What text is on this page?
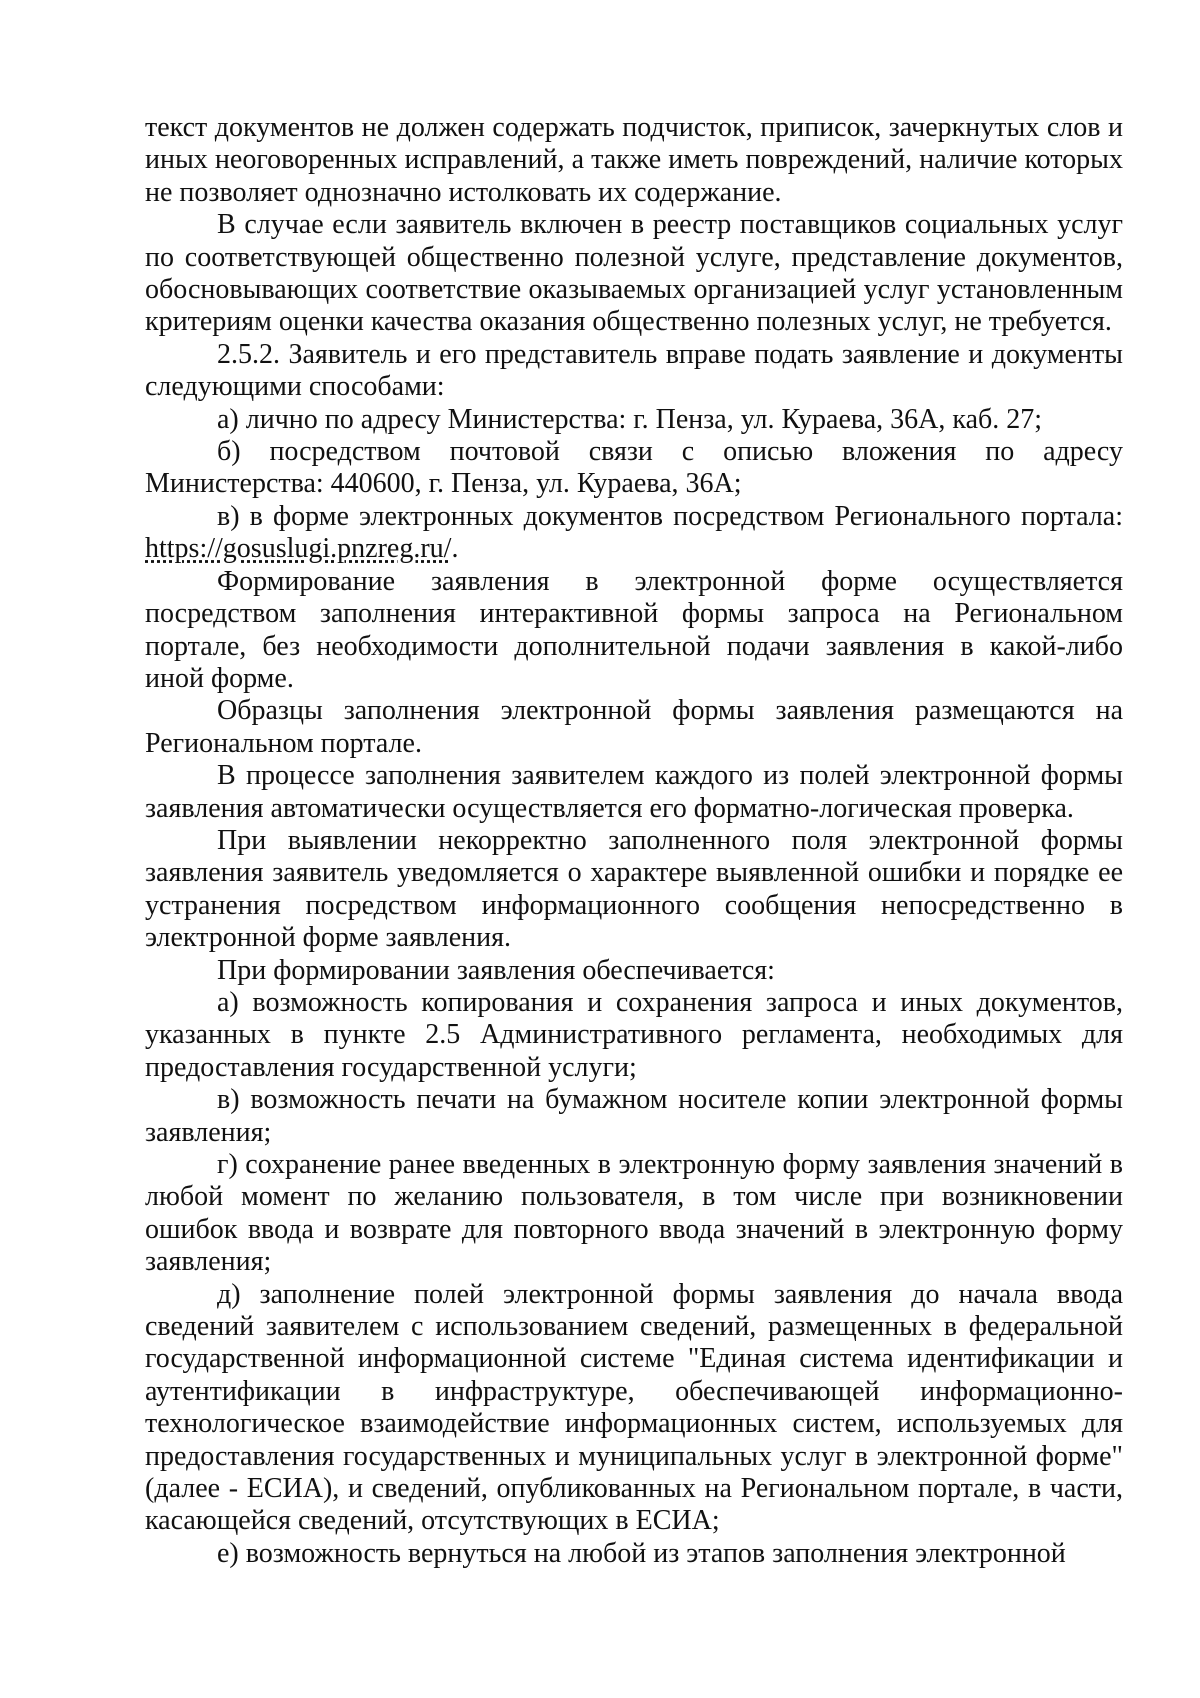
текст документов не должен содержать подчисток, приписок, зачеркнутых слов и иных неоговоренных исправлений, а также иметь повреждений, наличие которых не позволяет однозначно истолковать их содержание.

В случае если заявитель включен в реестр поставщиков социальных услуг по соответствующей общественно полезной услуге, представление документов, обосновывающих соответствие оказываемых организацией услуг установленным критериям оценки качества оказания общественно полезных услуг, не требуется.

2.5.2. Заявитель и его представитель вправе подать заявление и документы следующими способами:

а) лично по адресу Министерства: г. Пенза, ул. Кураева, 36А, каб. 27;

б) посредством почтовой связи с описью вложения по адресу Министерства: 440600, г. Пенза, ул. Кураева, 36А;

в) в форме электронных документов посредством Регионального портала: https://gosuslugi.pnzreg.ru/.

Формирование заявления в электронной форме осуществляется посредством заполнения интерактивной формы запроса на Региональном портале, без необходимости дополнительной подачи заявления в какой-либо иной форме.

Образцы заполнения электронной формы заявления размещаются на Региональном портале.

В процессе заполнения заявителем каждого из полей электронной формы заявления автоматически осуществляется его форматно-логическая проверка.

При выявлении некорректно заполненного поля электронной формы заявления заявитель уведомляется о характере выявленной ошибки и порядке ее устранения посредством информационного сообщения непосредственно в электронной форме заявления.

При формировании заявления обеспечивается:

а) возможность копирования и сохранения запроса и иных документов, указанных в пункте 2.5 Административного регламента, необходимых для предоставления государственной услуги;

в) возможность печати на бумажном носителе копии электронной формы заявления;

г) сохранение ранее введенных в электронную форму заявления значений в любой момент по желанию пользователя, в том числе при возникновении ошибок ввода и возврате для повторного ввода значений в электронную форму заявления;

д) заполнение полей электронной формы заявления до начала ввода сведений заявителем с использованием сведений, размещенных в федеральной государственной информационной системе "Единая система идентификации и аутентификации в инфраструктуре, обеспечивающей информационно-технологическое взаимодействие информационных систем, используемых для предоставления государственных и муниципальных услуг в электронной форме" (далее - ЕСИА), и сведений, опубликованных на Региональном портале, в части, касающейся сведений, отсутствующих в ЕСИА;

е) возможность вернуться на любой из этапов заполнения электронной
